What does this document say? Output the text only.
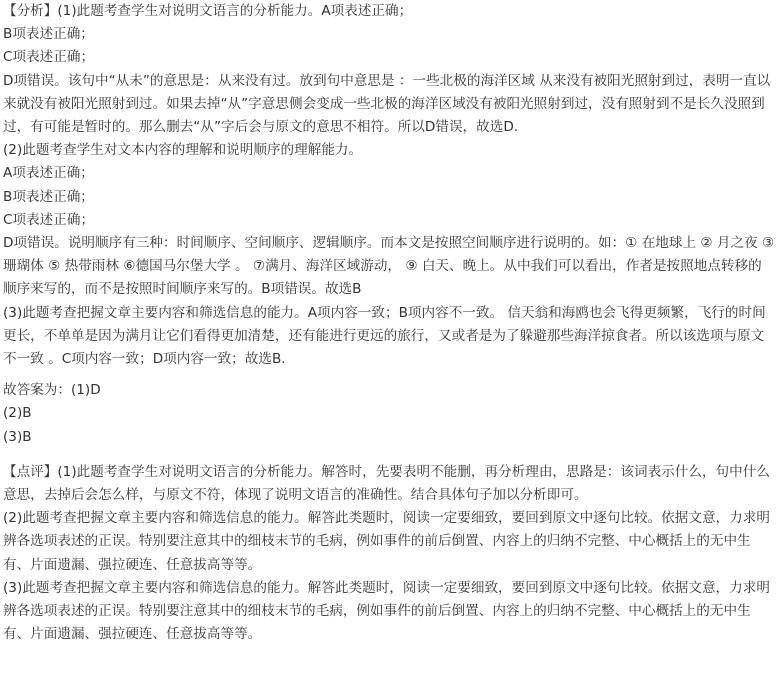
【分析】(1)此题考查学生对说明文语言的分析能力。A项表述正确；

B项表述正确；

C项表述正确；

D项错误。该句中“从未”的意思是：从来没有过。放到句中意思是 ：一些北极的海洋区域 从来没有被阳光照射到过，表明一直以来就没有被阳光照射到过。如果去掉“从”字意思侧会变成一些北极的海洋区域没有被阳光照射到过，没有照射到不是长久没照到过，有可能是暂时的。那么删去“从”字后会与原文的意思不相符。所以D错误，故选D.

(2)此题考查学生对文本内容的理解和说明顺序的理解能力。

A项表述正确；

B项表述正确；

C项表述正确；

D项错误。说明顺序有三种：时间顺序、空间顺序、逻辑顺序。而本文是按照空间顺序进行说明的。如：① 在地球上 ② 月之夜 ③ 珊瑚体 ⑤ 热带雨林 ⑥德国马尔堡大学 。 ⑦满月、海洋区域游动， ⑨ 白天、晚上。从中我们可以看出，作者是按照地点转移的顺序来写的，而不是按照时间顺序来写的。B项错误。故选B

(3)此题考查把握文章主要内容和筛选信息的能力。A项内容一致；B项内容不一致。 信天翁和海鸥也会飞得更频繁，飞行的时间更长，不单单是因为满月让它们看得更加清楚，还有能进行更远的旅行，又或者是为了躲避那些海洋掠食者。所以该选项与原文不一致 。C项内容一致；D项内容一致；故选B.

故答案为：(1)D

(2)B

(3)B

【点评】(1)此题考查学生对说明文语言的分析能力。解答时，先要表明不能删，再分析理由，思路是：该词表示什么，句中什么意思，去掉后会怎么样，与原文不符，体现了说明文语言的准确性。结合具体句子加以分析即可。

(2)此题考查把握文章主要内容和筛选信息的能力。解答此类题时，阅读一定要细致，要回到原文中逐句比较。依据文意，力求明辨各选项表述的正误。特别要注意其中的细枝末节的毛病，例如事件的前后倒置、内容上的归纳不完整、中心概括上的无中生有、片面遗漏、强拉硬连、任意拔高等等。

(3)此题考查把握文章主要内容和筛选信息的能力。解答此类题时，阅读一定要细致，要回到原文中逐句比较。依据文意，力求明辨各选项表述的正误。特别要注意其中的细枝末节的毛病，例如事件的前后倒置、内容上的归纳不完整、中心概括上的无中生有、片面遗漏、强拉硬连、任意拔高等等。
